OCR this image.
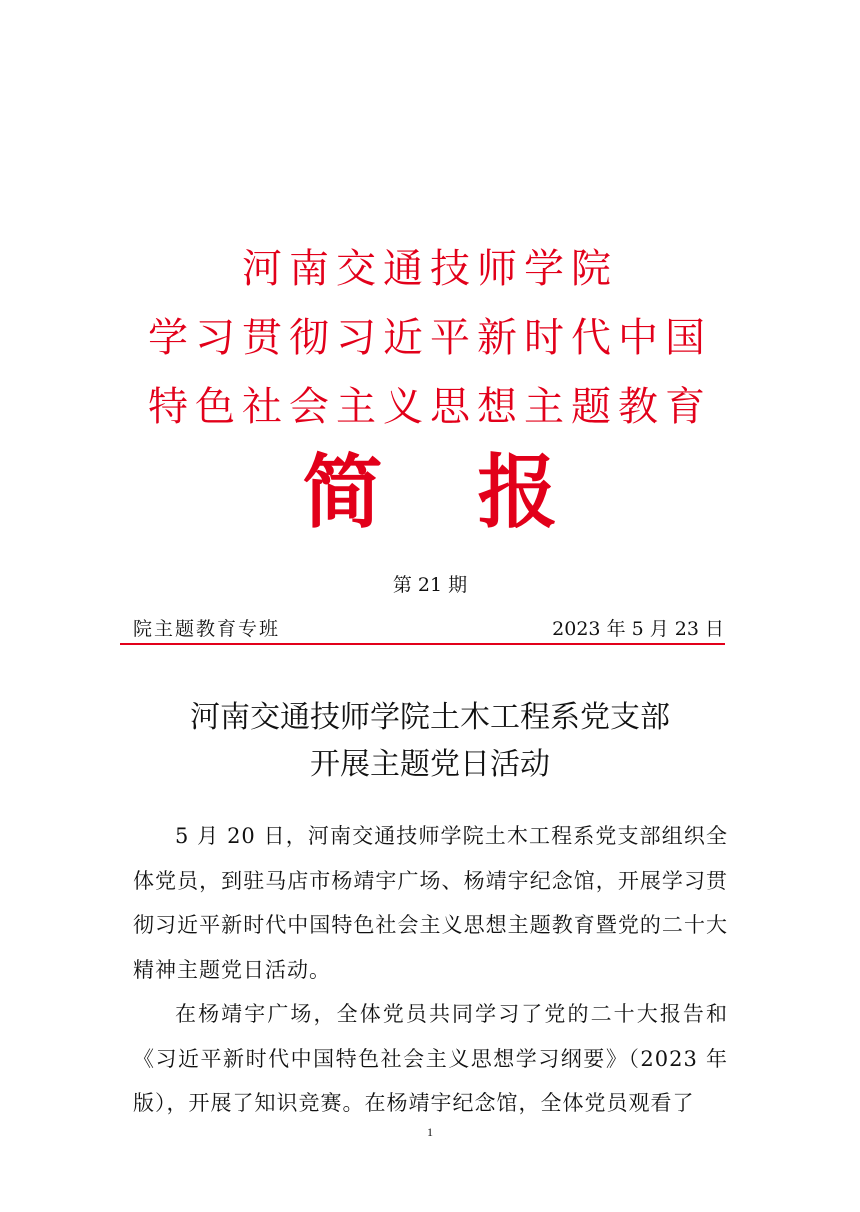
河南交通技师学院
学习贯彻习近平新时代中国
特色社会主义思想主题教育
简 报
第 21 期
院主题教育专班	2023 年 5 月 23 日
河南交通技师学院土木工程系党支部
开展主题党日活动

5 月 20 日，河南交通技师学院土木工程系党支部组织全体党员，到驻马店市杨靖宇广场、杨靖宇纪念馆，开展学习贯彻习近平新时代中国特色社会主义思想主题教育暨党的二十大精神主题党日活动。

在杨靖宇广场，全体党员共同学习了党的二十大报告和《习近平新时代中国特色社会主义思想学习纲要》（2023 年版），开展了知识竞赛。在杨靖宇纪念馆，全体党员观看了

1
